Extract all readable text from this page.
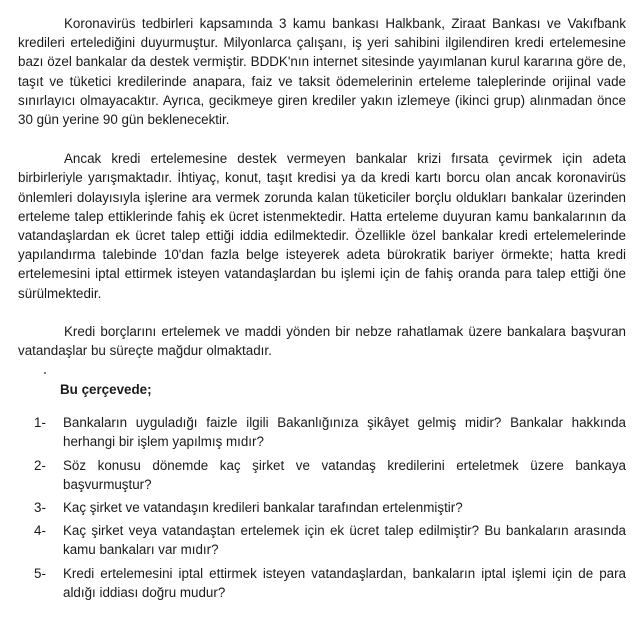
Koronavirüs tedbirleri kapsamında 3 kamu bankası Halkbank, Ziraat Bankası ve Vakıfbank kredileri ertelediğini duyurmuştur. Milyonlarca çalışanı, iş yeri sahibini ilgilendiren kredi ertelemesine bazı özel bankalar da destek vermiştir. BDDK'nın internet sitesinde yayımlanan kurul kararına göre de, taşıt ve tüketici kredilerinde anapara, faiz ve taksit ödemelerinin erteleme taleplerinde orijinal vade sınırlayıcı olmayacaktır. Ayrıca, gecikmeye giren krediler yakın izlemeye (ikinci grup) alınmadan önce 30 gün yerine 90 gün beklenecektir.

Ancak kredi ertelemesine destek vermeyen bankalar krizi fırsata çevirmek için adeta birbirleriyle yarışmaktadır. İhtiyaç, konut, taşıt kredisi ya da kredi kartı borcu olan ancak koronavirüs önlemleri dolayısıyla işlerine ara vermek zorunda kalan tüketiciler borçlu oldukları bankalar üzerinden erteleme talep ettiklerinde fahiş ek ücret istenmektedir. Hatta erteleme duyuran kamu bankalarının da vatandaşlardan ek ücret talep ettiği iddia edilmektedir. Özellikle özel bankalar kredi ertelemelerinde yapılandırma talebinde 10'dan fazla belge isteyerek adeta bürokratik bariyer örmekte; hatta kredi ertelemesini iptal ettirmek isteyen vatandaşlardan bu işlemi için de fahiş oranda para talep ettiği öne sürülmektedir.

Kredi borçlarını ertelemek ve maddi yönden bir nebze rahatlamak üzere bankalara başvuran vatandaşlar bu süreçte mağdur olmaktadır.

Bu çerçevede;
1- Bankaların uyguladığı faizle ilgili Bakanlığınıza şikâyet gelmiş midir? Bankalar hakkında herhangi bir işlem yapılmış mıdır?
2- Söz konusu dönemde kaç şirket ve vatandaş kredilerini erteletmek üzere bankaya başvurmuştur?
3- Kaç şirket ve vatandaşın kredileri bankalar tarafından ertelenmiştir?
4- Kaç şirket veya vatandaştan ertelemek için ek ücret talep edilmiştir? Bu bankaların arasında kamu bankaları var mıdır?
5- Kredi ertelemesini iptal ettirmek isteyen vatandaşlardan, bankaların iptal işlemi için de para aldığı iddiası doğru mudur?
